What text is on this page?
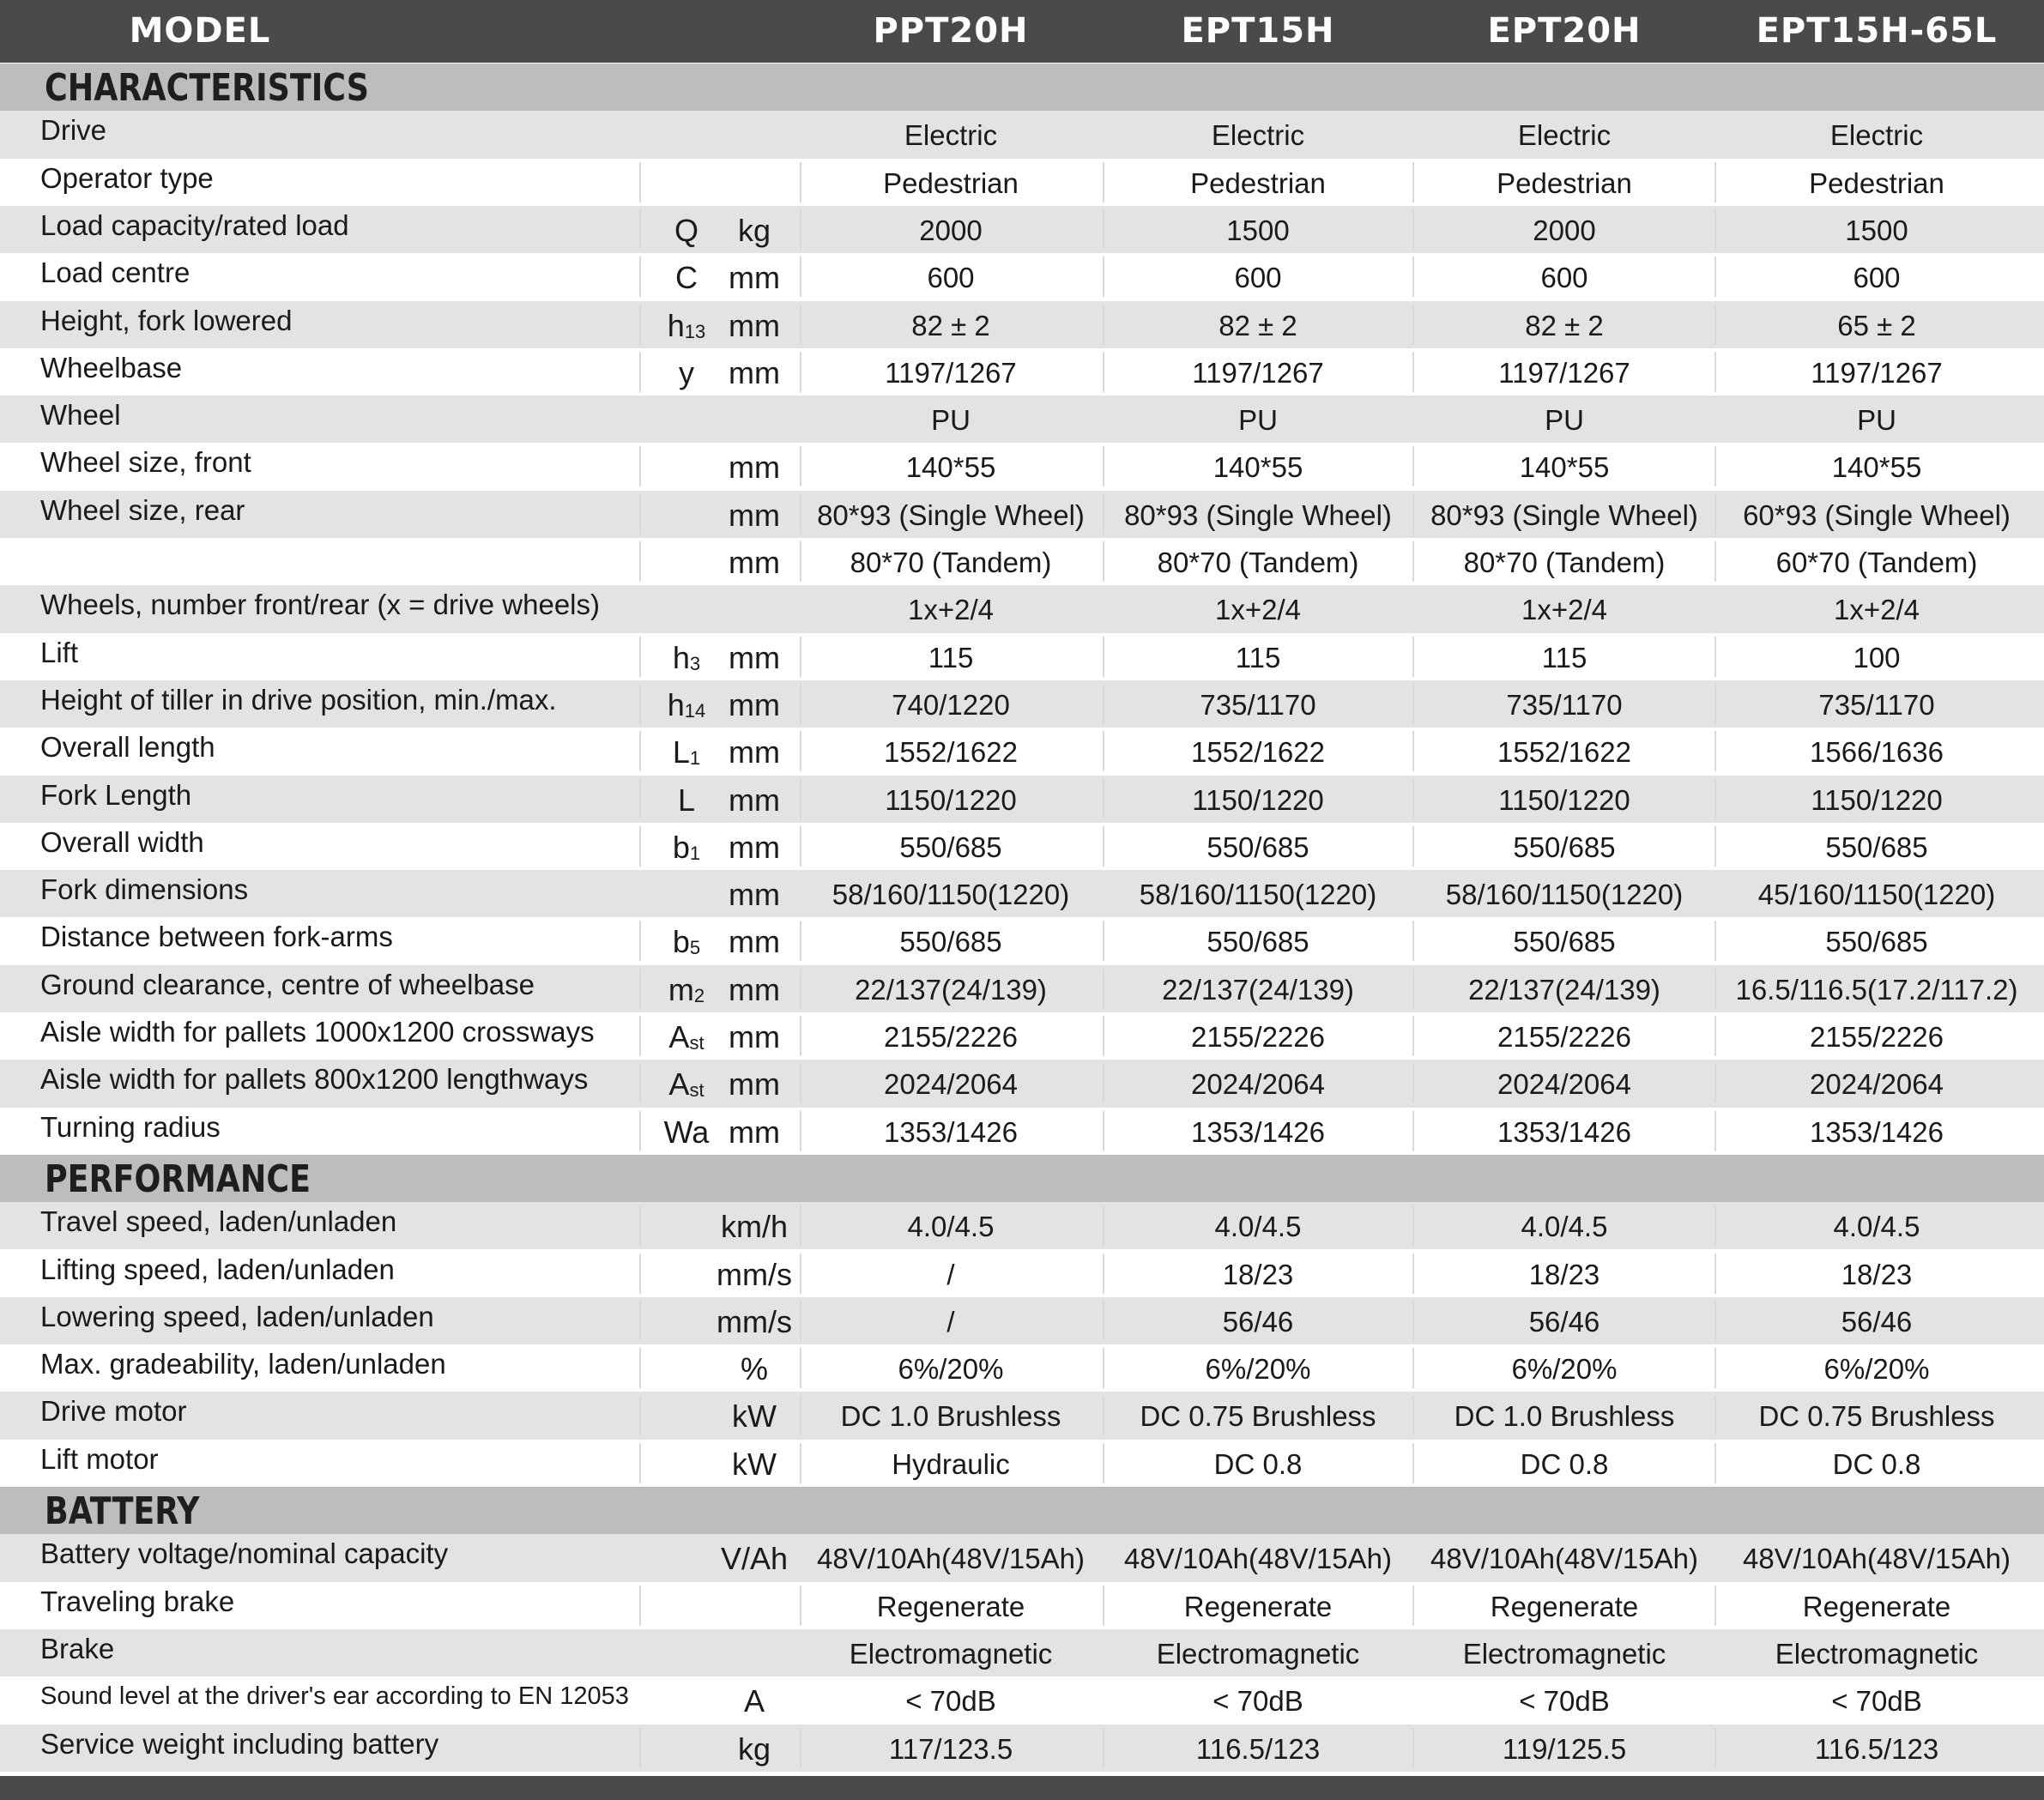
MODEL	PPT20H	EPT15H	EPT20H	EPT15H-65L
CHARACTERISTICS
Drive	Electric	Electric	Electric	Electric
Operator type	Pedestrian	Pedestrian	Pedestrian	Pedestrian
Load capacity/rated load	Q	kg	2000	1500	2000	1500
Load centre	C	mm	600	600	600	600
Height, fork lowered	$h_{13}$ mm	82 ± 2	82 ± 2	82 ± 2	65 ± 2
Wheelbase	y	mm	1197/1267	1197/1267	1197/1267	1197/1267
Wheel	PU	PU	PU	PU
Wheel size, front	mm	140*55	140*55	140*55	140*55
Wheel size, rear	mm	80*93 (Single Wheel)	80*93 (Single Wheel)	80*93 (Single Wheel)	60*93 (Single Wheel)
mm	80*70 (Tandem)	80*70 (Tandem)	80*70 (Tandem)	60*70 (Tandem)
Wheels, number front/rear (x = drive wheels)	1x+2/4	1x+2/4	1x+2/4	1x+2/4
Lift	$h_3$ mm	115	115	115	100
Height of tiller in drive position, min./max.	$h_{14}$ mm	740/1220	735/1170	735/1170	735/1170
Overall length	$L_1$ mm	1552/1622	1552/1622	1552/1622	1566/1636
Fork Length	L	mm	1150/1220	1150/1220	1150/1220	1150/1220
Overall width	$b_1$ mm	550/685	550/685	550/685	550/685
Fork dimensions	mm	58/160/1150(1220)	58/160/1150(1220)	58/160/1150(1220)	45/160/1150(1220)
Distance between fork-arms	$b_5$ mm	550/685	550/685	550/685	550/685
Ground clearance, centre of wheelbase	$m_2$ mm	22/137(24/139)	22/137(24/139)	22/137(24/139)	16.5/116.5(17.2/117.2)
Aisle width for pallets 1000x1200 crossways	$A_{st}$ mm	2155/2226	2155/2226	2155/2226	2155/2226
Aisle width for pallets 800x1200 lengthways	$A_{st}$ mm	2024/2064	2024/2064	2024/2064	2024/2064
Turning radius	Wa mm	1353/1426	1353/1426	1353/1426	1353/1426
PERFORMANCE
Travel speed, laden/unladen	km/h	4.0/4.5	4.0/4.5	4.0/4.5	4.0/4.5
Lifting speed, laden/unladen	mm/s	/	18/23	18/23	18/23
Lowering speed, laden/unladen	mm/s	/	56/46	56/46	56/46
Max. gradeability, laden/unladen	%	6%/20%	6%/20%	6%/20%	6%/20%
Drive motor	kW	DC 1.0 Brushless	DC 0.75 Brushless	DC 1.0 Brushless	DC 0.75 Brushless
Lift motor	kW	Hydraulic	DC 0.8	DC 0.8	DC 0.8
BATTERY
Battery voltage/nominal capacity	V/Ah	48V/10Ah(48V/15Ah)	48V/10Ah(48V/15Ah)	48V/10Ah(48V/15Ah)	48V/10Ah(48V/15Ah)
Traveling brake	Regenerate	Regenerate	Regenerate	Regenerate
Brake	Electromagnetic	Electromagnetic	Electromagnetic	Electromagnetic
Sound level at the driver's ear according to EN 12053	A	< 70dB	< 70dB	< 70dB	< 70dB
Service weight including battery	kg	117/123.5	116.5/123	119/125.5	116.5/123
